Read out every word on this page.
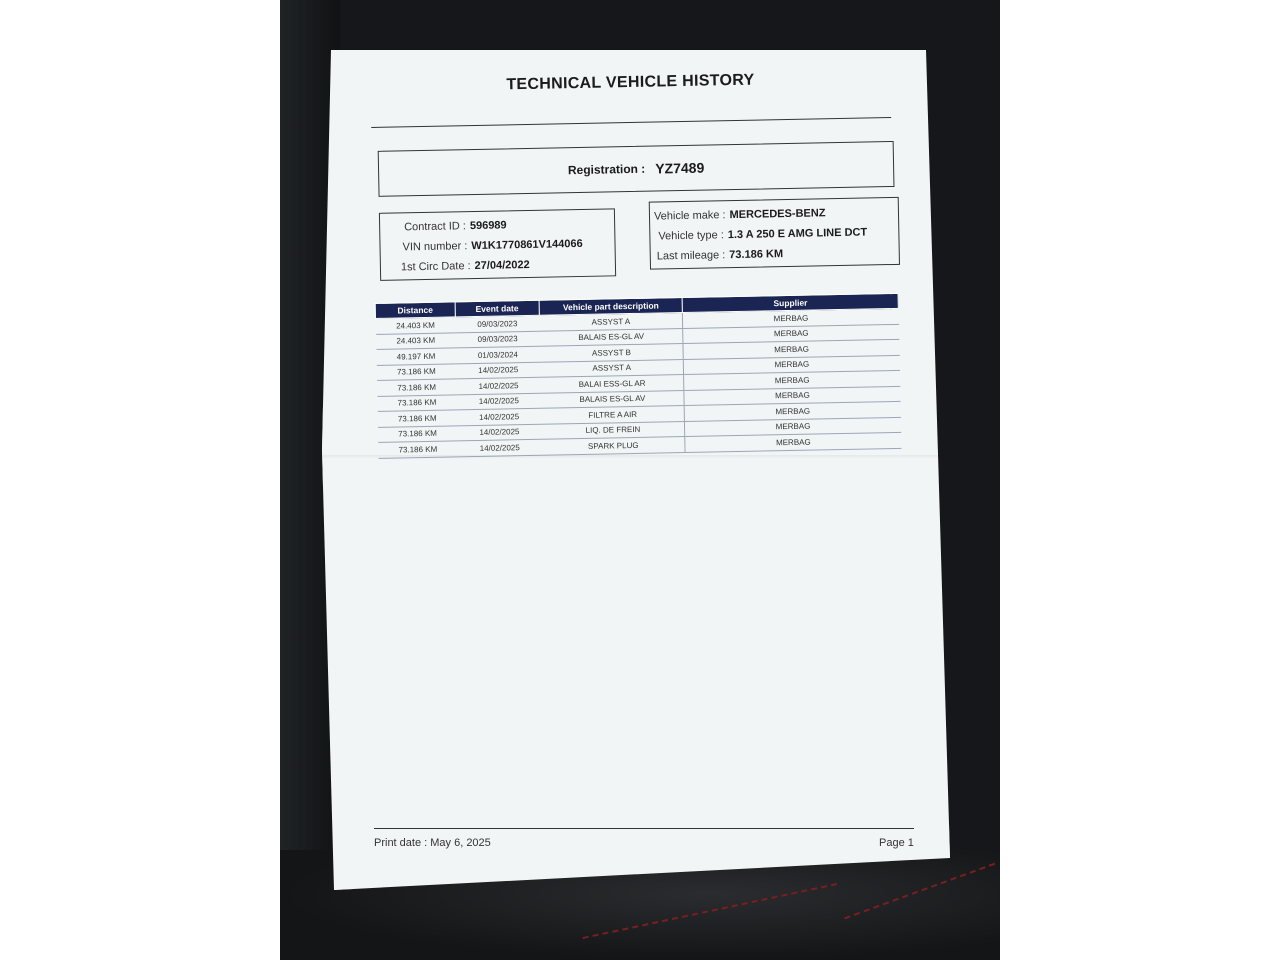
TECHNICAL VEHICLE HISTORY
Registration : YZ7489
Contract ID : 596989
VIN number : W1K1770861V144066
1st Circ Date : 27/04/2022
Vehicle make : MERCEDES-BENZ
Vehicle type : 1.3 A 250 E AMG LINE DCT
Last mileage : 73.186 KM
Distance	Event date	Vehicle part description	Supplier
24.403 KM	09/03/2023	ASSYST A	MERBAG
24.403 KM	09/03/2023	BALAIS ES-GL AV	MERBAG
49.197 KM	01/03/2024	ASSYST B	MERBAG
73.186 KM	14/02/2025	ASSYST A	MERBAG
73.186 KM	14/02/2025	BALAI ESS-GL AR	MERBAG
73.186 KM	14/02/2025	BALAIS ES-GL AV	MERBAG
73.186 KM	14/02/2025	FILTRE A AIR	MERBAG
73.186 KM	14/02/2025	LIQ. DE FREIN	MERBAG
73.186 KM	14/02/2025	SPARK PLUG	MERBAG
Print date : May 6, 2025	Page 1
